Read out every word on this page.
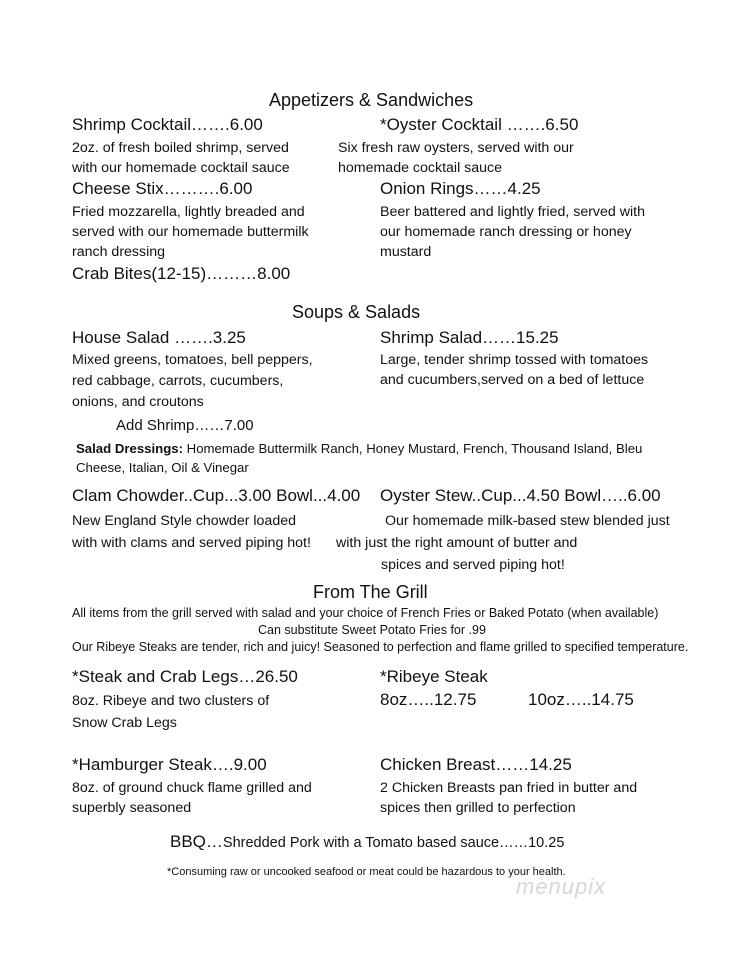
Appetizers & Sandwiches
Shrimp Cocktail…….6.00
2oz. of fresh boiled shrimp, served
with our homemade cocktail sauce
*Oyster Cocktail …….6.50
Six fresh raw oysters, served with our
homemade cocktail sauce
Cheese Stix……….6.00
Fried mozzarella, lightly breaded and
served with our homemade buttermilk
ranch dressing
Onion Rings……4.25
Beer battered and lightly fried, served with
our homemade ranch dressing or honey
mustard
Crab Bites(12-15)………8.00
Soups & Salads
House Salad …….3.25
Mixed greens, tomatoes, bell peppers,
red cabbage, carrots, cucumbers,
onions, and croutons
Add Shrimp……7.00
Shrimp Salad……15.25
Large, tender shrimp tossed with tomatoes
and cucumbers,served on a bed of lettuce
Salad Dressings: Homemade Buttermilk Ranch, Honey Mustard, French, Thousand Island, Bleu Cheese, Italian, Oil & Vinegar
Clam Chowder..Cup...3.00 Bowl...4.00
New England Style chowder loaded
with with clams and served piping hot!
Oyster Stew..Cup...4.50 Bowl…..6.00
Our homemade milk-based stew blended just
with just the right amount of butter and
spices and served piping hot!
From The Grill
All items from the grill served with salad and your choice of French Fries or Baked Potato (when available)
Can substitute Sweet Potato Fries for .99
Our Ribeye Steaks are tender, rich and juicy! Seasoned to perfection and flame grilled to specified temperature.
*Steak and Crab Legs…26.50
8oz. Ribeye and two clusters of
Snow Crab Legs
*Ribeye Steak
8oz…..12.75	10oz…..14.75
*Hamburger Steak….9.00
8oz. of ground chuck flame grilled and
superbly seasoned
Chicken Breast……14.25
2 Chicken Breasts pan fried in butter and
spices then grilled to perfection
BBQ…Shredded Pork with a Tomato based sauce……10.25
*Consuming raw or uncooked seafood or meat could be hazardous to your health.
menupix
